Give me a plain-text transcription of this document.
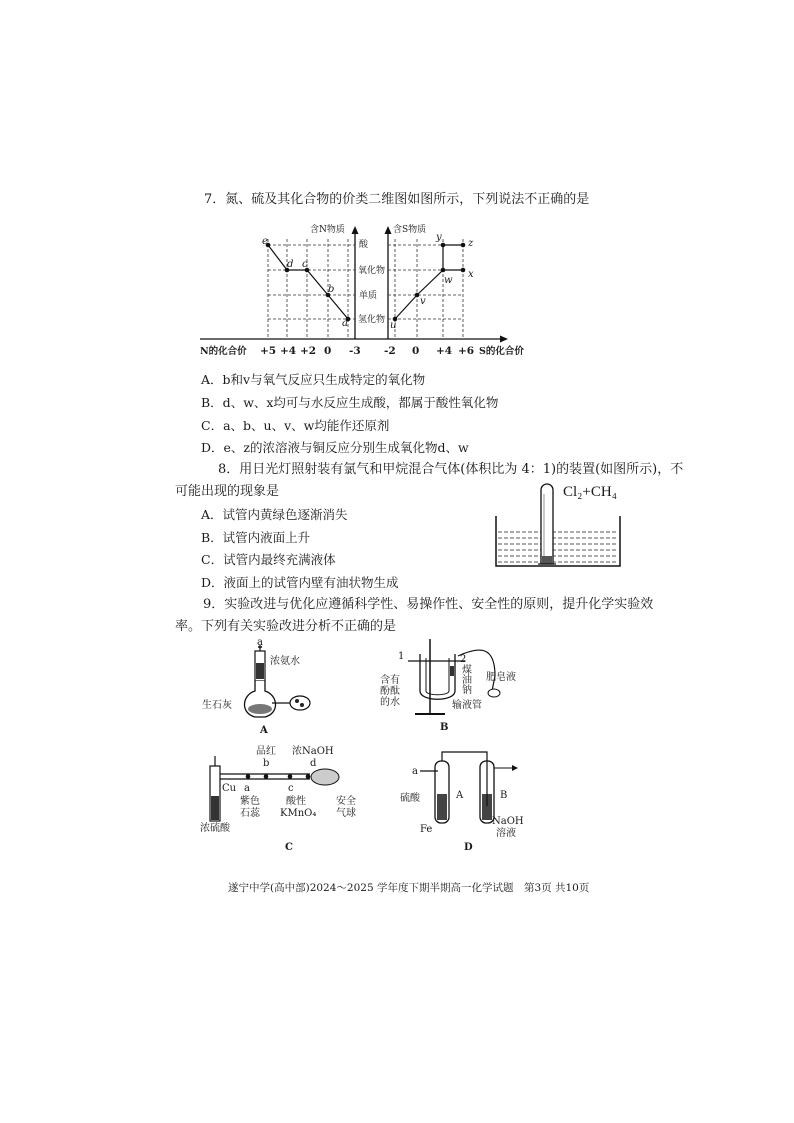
7．氮、硫及其化合物的价类二维图如图所示，下列说法不正确的是
e
d c
b
a	u
v
w
x
y
z
含N物质	含S物质
酸
氧化物
单质
氢化物
N的化合价 +5 +4 +2 0 -3 -2 0 +4 +6 S的化合价
A．b和v与氧气反应只生成特定的氧化物
B．d、w、x均可与水反应生成酸，都属于酸性氧化物
C．a、b、u、v、w均能作还原剂
D．e、z的浓溶液与铜反应分别生成氧化物d、w
8．用日光灯照射装有氯气和甲烷混合气体(体积比为 4：1)的装置(如图所示)，不
可能出现的现象是
A．试管内黄绿色逐渐消失
B．试管内液面上升
C．试管内最终充满液体
D．液面上的试管内壁有油状物生成
Cl₂+CH₄
9．实验改进与优化应遵循科学性、易操作性、安全性的原则，提升化学实验效
率。下列有关实验改进分析不正确的是
a
浓氨水
生石灰
A
1	2
煤
油
钠
肥皂液
含有
酚酞
的水	输液管
B
品红
b
浓NaOH
d
Cu a	c
紫色
石蕊
酸性
KMnO₄
安全
气球
浓硫酸
C
a
硫酸	A	B
Fe
NaOH
溶液
D
遂宁中学(高中部)2024～2025 学年度下期半期高一化学试题　第3页 共10页
